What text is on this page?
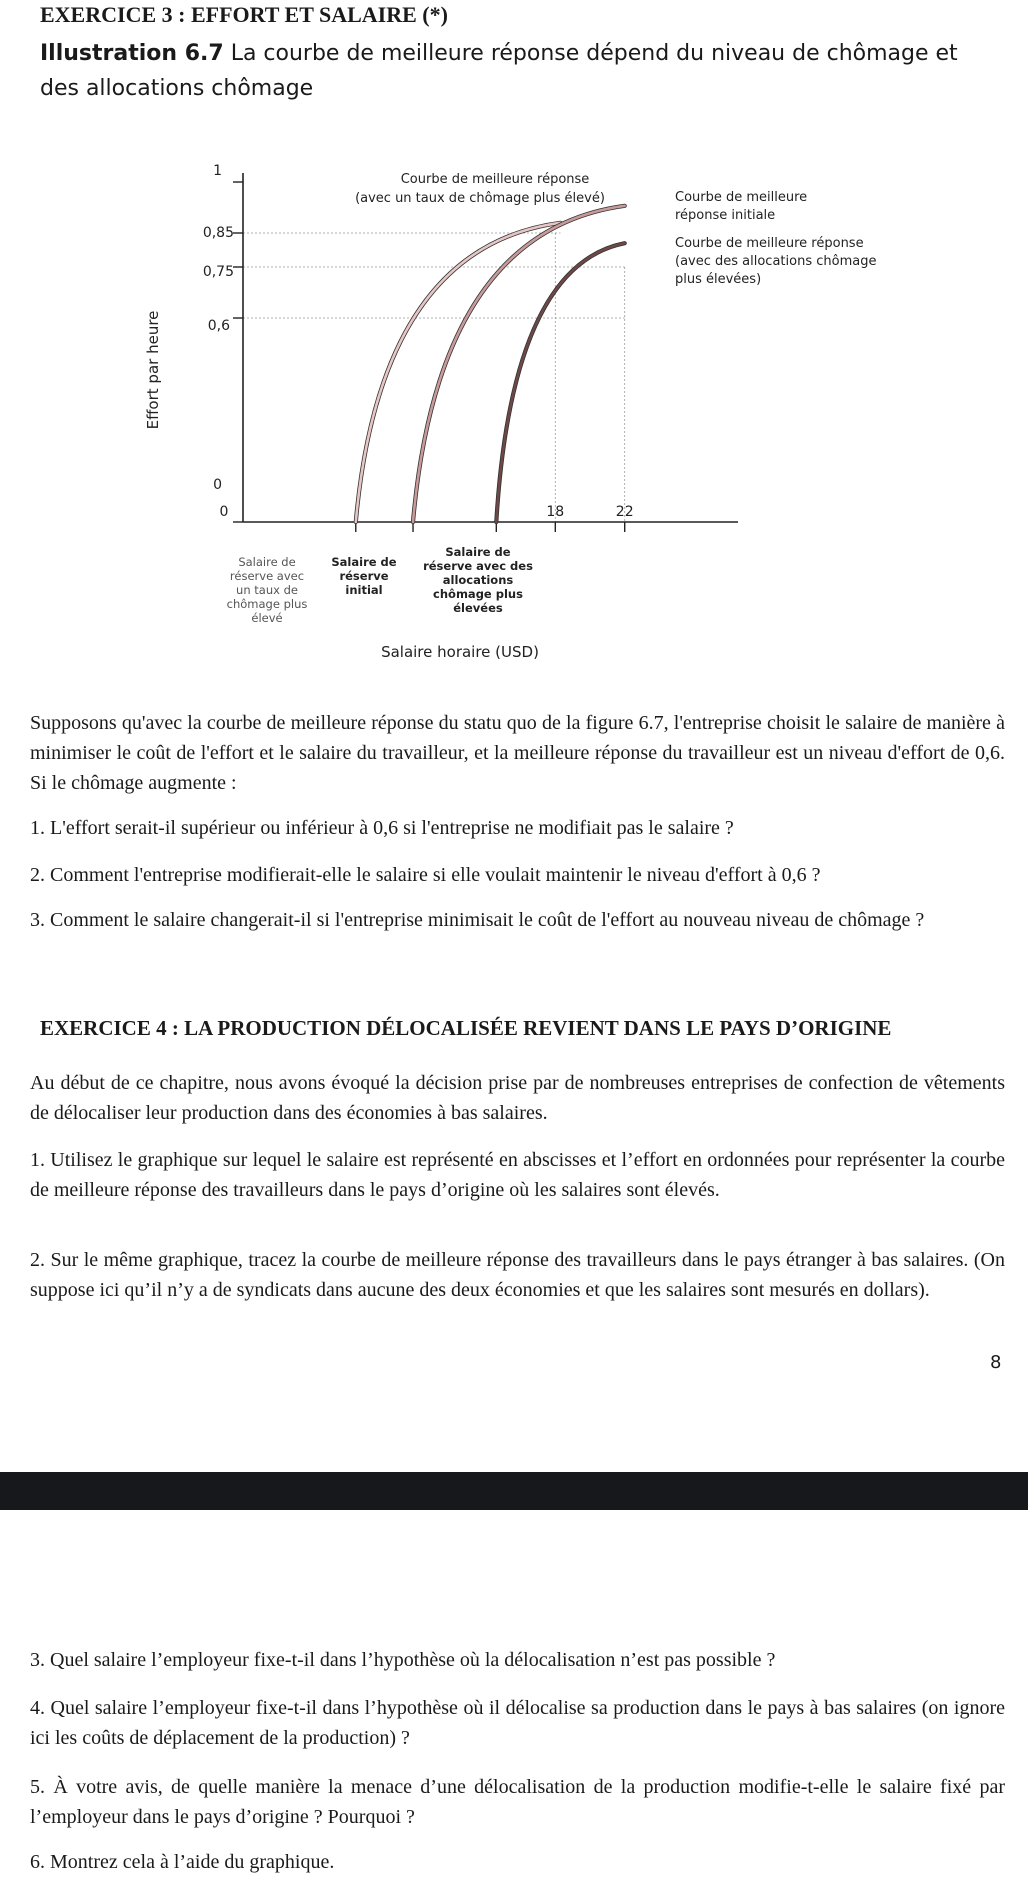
EXERCICE 3 : EFFORT ET SALAIRE (*)
Illustration 6.7 La courbe de meilleure réponse dépend du niveau de chômage et des allocations chômage
Effort par heure
1
0,85
0,75
0,6
0
0	18	22
Salaire de
réserve avec
un taux de
chômage plus
élevé
Salaire de
réserve
initial
Salaire de
réserve avec des
allocations
chômage plus
élevées
Salaire horaire (USD)
Courbe de meilleure réponse
(avec un taux de chômage plus élevé)	Courbe de meilleure
réponse initiale
Courbe de meilleure réponse
(avec des allocations chômage
plus élevées)
Supposons qu'avec la courbe de meilleure réponse du statu quo de la figure 6.7, l'entreprise choisit le salaire de manière à minimiser le coût de l'effort et le salaire du travailleur, et la meilleure réponse du travailleur est un niveau d'effort de 0,6. Si le chômage augmente :
1. L'effort serait-il supérieur ou inférieur à 0,6 si l'entreprise ne modifiait pas le salaire ?
2. Comment l'entreprise modifierait-elle le salaire si elle voulait maintenir le niveau d'effort à 0,6 ?
3. Comment le salaire changerait-il si l'entreprise minimisait le coût de l'effort au nouveau niveau de chômage ?
EXERCICE 4 : LA PRODUCTION DÉLOCALISÉE REVIENT DANS LE PAYS D’ORIGINE
Au début de ce chapitre, nous avons évoqué la décision prise par de nombreuses entreprises de confection de vêtements de délocaliser leur production dans des économies à bas salaires.
1. Utilisez le graphique sur lequel le salaire est représenté en abscisses et l’effort en ordonnées pour représenter la courbe de meilleure réponse des travailleurs dans le pays d’origine où les salaires sont élevés.
2. Sur le même graphique, tracez la courbe de meilleure réponse des travailleurs dans le pays étranger à bas salaires. (On suppose ici qu’il n’y a de syndicats dans aucune des deux économies et que les salaires sont mesurés en dollars).
8
3. Quel salaire l’employeur fixe-t-il dans l’hypothèse où la délocalisation n’est pas possible ?
4. Quel salaire l’employeur fixe-t-il dans l’hypothèse où il délocalise sa production dans le pays à bas salaires (on ignore ici les coûts de déplacement de la production) ?
5. À votre avis, de quelle manière la menace d’une délocalisation de la production modifie-t-elle le salaire fixé par l’employeur dans le pays d’origine ? Pourquoi ?
6. Montrez cela à l’aide du graphique.
